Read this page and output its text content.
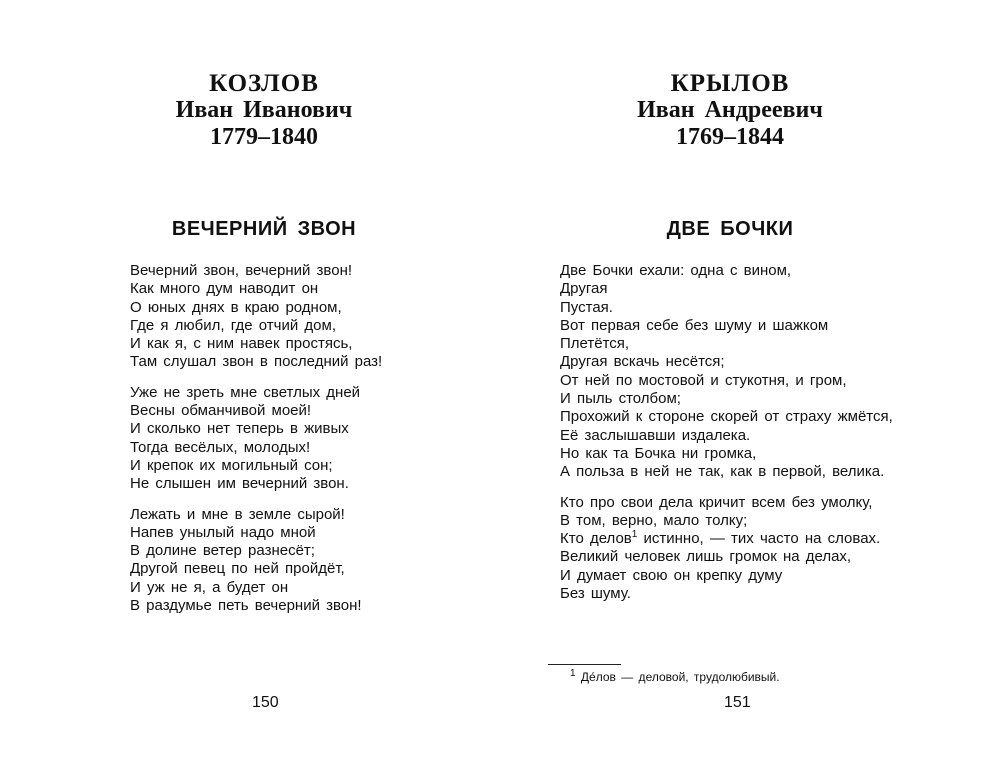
КОЗЛОВ
Иван Иванович
1779–1840
ВЕЧЕРНИЙ ЗВОН
Вечерний звон, вечерний звон!
Как много дум наводит он
О юных днях в краю родном,
Где я любил, где отчий дом,
И как я, с ним навек простясь,
Там слушал звон в последний раз!
Уже не зреть мне светлых дней
Весны обманчивой моей!
И сколько нет теперь в живых
Тогда весёлых, молодых!
И крепок их могильный сон;
Не слышен им вечерний звон.
Лежать и мне в земле сырой!
Напев унылый надо мной
В долине ветер разнесёт;
Другой певец по ней пройдёт,
И уж не я, а будет он
В раздумье петь вечерний звон!
150
КРЫЛОВ
Иван Андреевич
1769–1844
ДВЕ БОЧКИ
Две Бочки ехали: одна с вином,
Другая
Пустая.
Вот первая себе без шуму и шажком
Плетётся,
Другая вскачь несётся;
От ней по мостовой и стукотня, и гром,
И пыль столбом;
Прохожий к стороне скорей от страху жмётся,
Её заслышавши издалека.
Но как та Бочка ни громка,
А польза в ней не так, как в первой, велика.
Кто про свои дела кричит всем без умолку,
В том, верно, мало толку;
Кто делов$^1$ истинно, — тих часто на словах.
Великий человек лишь громок на делах,
И думает свою он крепку думу
Без шуму.
$^1$ Де́лов — деловой, трудолюбивый.
151
